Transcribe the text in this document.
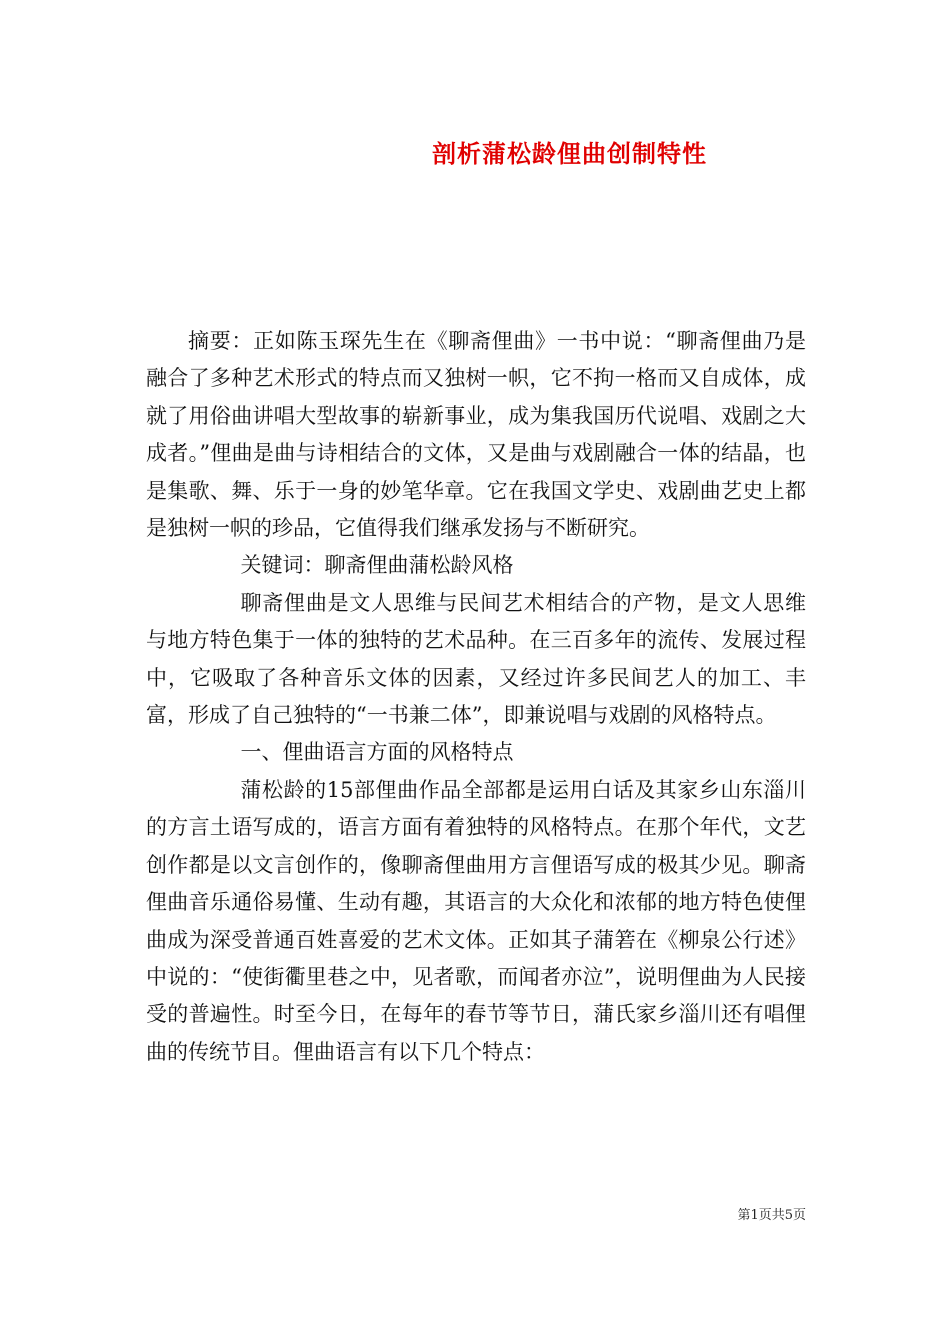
剖析蒲松龄俚曲创制特性

摘要：正如陈玉琛先生在《聊斋俚曲》一书中说：“聊斋俚曲乃是融合了多种艺术形式的特点而又独树一帜，它不拘一格而又自成体，成就了用俗曲讲唱大型故事的崭新事业，成为集我国历代说唱、戏剧之大成者。”俚曲是曲与诗相结合的文体，又是曲与戏剧融合一体的结晶，也是集歌、舞、乐于一身的妙笔华章。它在我国文学史、戏剧曲艺史上都是独树一帜的珍品，它值得我们继承发扬与不断研究。

关键词：聊斋俚曲蒲松龄风格

聊斋俚曲是文人思维与民间艺术相结合的产物，是文人思维与地方特色集于一体的独特的艺术品种。在三百多年的流传、发展过程中，它吸取了各种音乐文体的因素，又经过许多民间艺人的加工、丰富，形成了自己独特的“一书兼二体”，即兼说唱与戏剧的风格特点。

一、俚曲语言方面的风格特点

蒲松龄的15部俚曲作品全部都是运用白话及其家乡山东淄川的方言土语写成的，语言方面有着独特的风格特点。在那个年代，文艺创作都是以文言创作的，像聊斋俚曲用方言俚语写成的极其少见。聊斋俚曲音乐通俗易懂、生动有趣，其语言的大众化和浓郁的地方特色使俚曲成为深受普通百姓喜爱的艺术文体。正如其子蒲箬在《柳泉公行述》中说的：“使街衢里巷之中，见者歌，而闻者亦泣”，说明俚曲为人民接受的普遍性。时至今日，在每年的春节等节日，蒲氏家乡淄川还有唱俚曲的传统节目。俚曲语言有以下几个特点：

第1页共5页
